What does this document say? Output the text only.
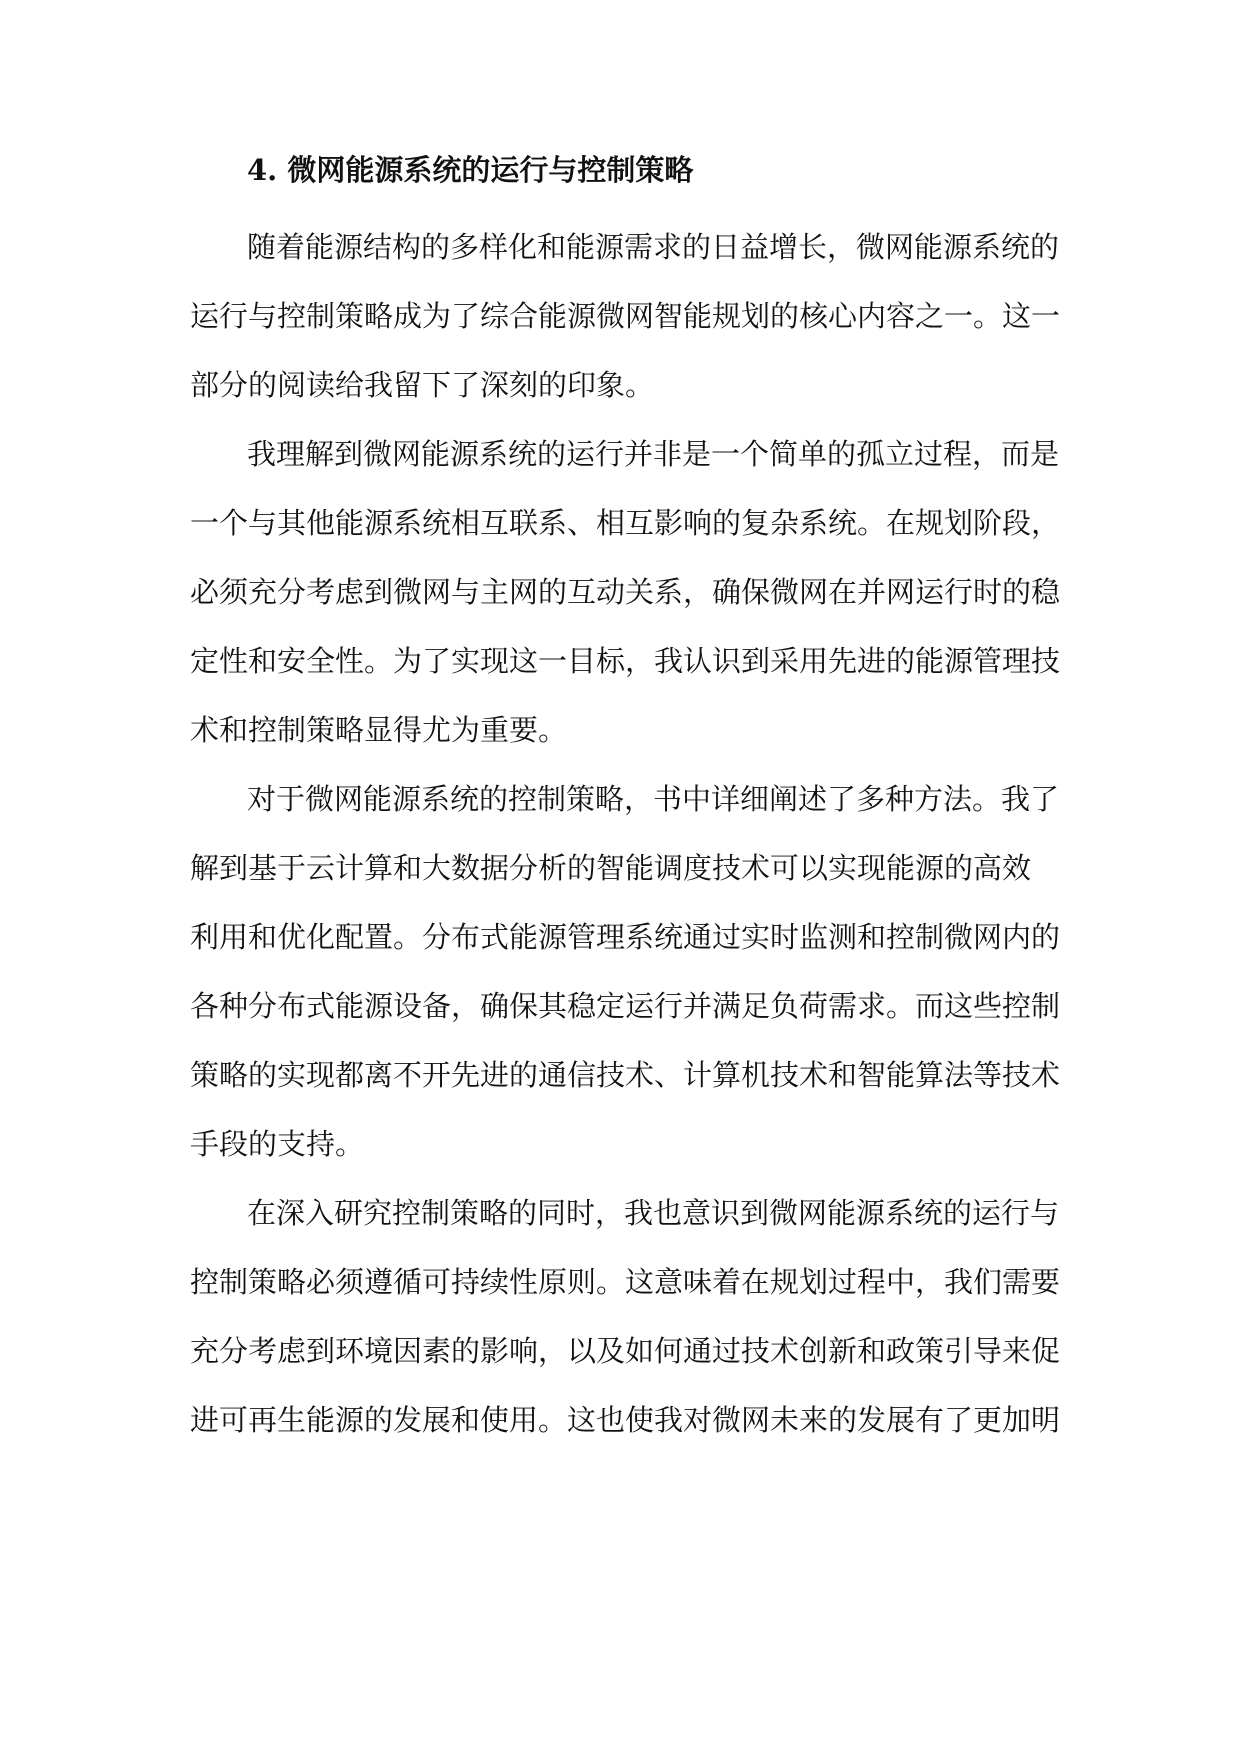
4. 微网能源系统的运行与控制策略
随着能源结构的多样化和能源需求的日益增长，微网能源系统的
运行与控制策略成为了综合能源微网智能规划的核心内容之一。这一
部分的阅读给我留下了深刻的印象。
我理解到微网能源系统的运行并非是一个简单的孤立过程，而是
一个与其他能源系统相互联系、相互影响的复杂系统。在规划阶段，
必须充分考虑到微网与主网的互动关系，确保微网在并网运行时的稳
定性和安全性。为了实现这一目标，我认识到采用先进的能源管理技
术和控制策略显得尤为重要。
对于微网能源系统的控制策略，书中详细阐述了多种方法。我了
解到基于云计算和大数据分析的智能调度技术可以实现能源的高效
利用和优化配置。分布式能源管理系统通过实时监测和控制微网内的
各种分布式能源设备，确保其稳定运行并满足负荷需求。而这些控制
策略的实现都离不开先进的通信技术、计算机技术和智能算法等技术
手段的支持。
在深入研究控制策略的同时，我也意识到微网能源系统的运行与
控制策略必须遵循可持续性原则。这意味着在规划过程中，我们需要
充分考虑到环境因素的影响，以及如何通过技术创新和政策引导来促
进可再生能源的发展和使用。这也使我对微网未来的发展有了更加明
